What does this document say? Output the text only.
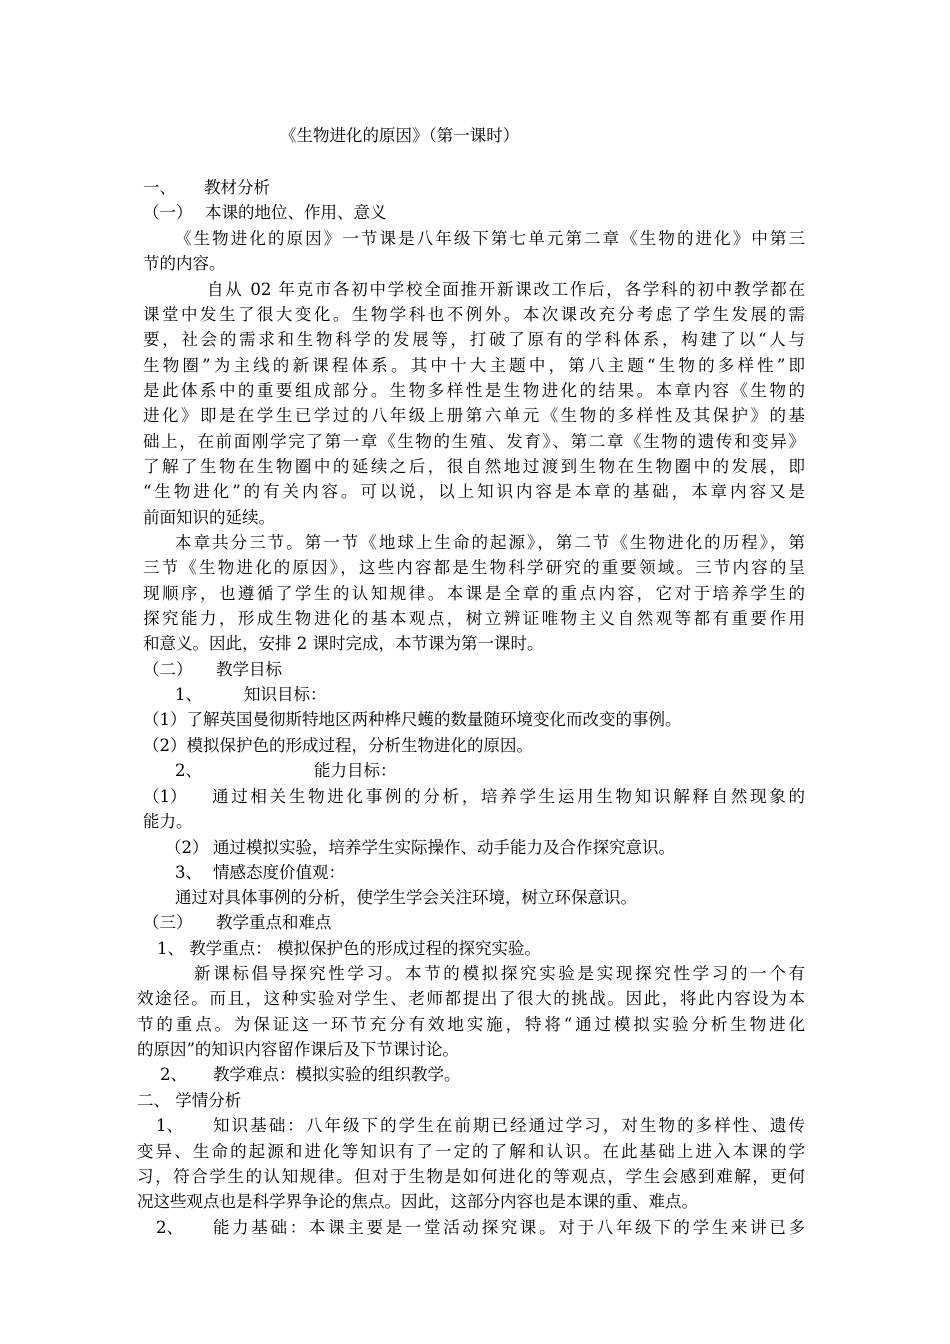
《生物进化的原因》（第一课时）
一、 教材分析
（一） 本课的地位、作用、意义
《生物进化的原因》一节课是八年级下第七单元第二章《生物的进化》中第三
节的内容。
自从 02 年克市各初中学校全面推开新课改工作后，各学科的初中教学都在
课堂中发生了很大变化。生物学科也不例外。本次课改充分考虑了学生发展的需
要，社会的需求和生物科学的发展等，打破了原有的学科体系，构建了以“人与
生物圈”为主线的新课程体系。其中十大主题中，第八主题“生物的多样性”即
是此体系中的重要组成部分。生物多样性是生物进化的结果。本章内容《生物的
进化》即是在学生已学过的八年级上册第六单元《生物的多样性及其保护》的基
础上，在前面刚学完了第一章《生物的生殖、发育》、第二章《生物的遗传和变异》
了解了生物在生物圈中的延续之后，很自然地过渡到生物在生物圈中的发展，即
“生物进化”的有关内容。可以说，以上知识内容是本章的基础，本章内容又是
前面知识的延续。
本章共分三节。第一节《地球上生命的起源》，第二节《生物进化的历程》，第
三节《生物进化的原因》，这些内容都是生物科学研究的重要领域。三节内容的呈
现顺序，也遵循了学生的认知规律。本课是全章的重点内容，它对于培养学生的
探究能力，形成生物进化的基本观点，树立辨证唯物主义自然观等都有重要作用
和意义。因此，安排 2 课时完成，本节课为第一课时。
（二） 教学目标
1、	知识目标：
（1）了解英国曼彻斯特地区两种桦尺蠖的数量随环境变化而改变的事例。
（2）模拟保护色的形成过程，分析生物进化的原因。
2、	能力目标：
（1） 通过相关生物进化事例的分析，培养学生运用生物知识解释自然现象的
能力。
（2） 通过模拟实验，培养学生实际操作、动手能力及合作探究意识。
3、 情感态度价值观：
通过对具体事例的分析，使学生学会关注环境，树立环保意识。
（三） 教学重点和难点
1、 教学重点： 模拟保护色的形成过程的探究实验。
新课标倡导探究性学习。本节的模拟探究实验是实现探究性学习的一个有
效途径。而且，这种实验对学生、老师都提出了很大的挑战。因此，将此内容设为本
节的重点。为保证这一环节充分有效地实施，特将“通过模拟实验分析生物进化
的原因”的知识内容留作课后及下节课讨论。
2、 教学难点：模拟实验的组织教学。
二、 学情分析
1、 知识基础：八年级下的学生在前期已经通过学习，对生物的多样性、遗传
变异、生命的起源和进化等知识有了一定的了解和认识。在此基础上进入本课的学
习，符合学生的认知规律。但对于生物是如何进化的等观点，学生会感到难解，更何
况这些观点也是科学界争论的焦点。因此，这部分内容也是本课的重、难点。
2、 能力基础：本课主要是一堂活动探究课。对于八年级下的学生来讲已多
